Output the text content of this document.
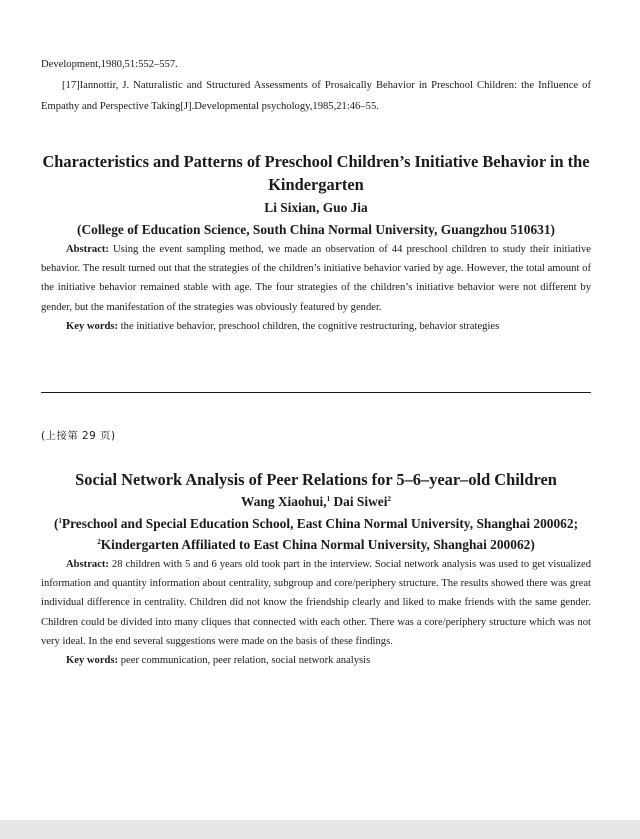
Development,1980,51:552–557.

[17]Iannottir, J. Naturalistic and Structured Assessments of Prosaically Behavior in Preschool Children: the Influence of Empathy and Perspective Taking[J].Developmental psychology,1985,21:46–55.

Characteristics and Patterns of Preschool Children’s Initiative Behavior in the Kindergarten

Li Sixian, Guo Jia

(College of Education Science, South China Normal University, Guangzhou 510631)

Abstract: Using the event sampling method, we made an observation of 44 preschool children to study their initiative behavior. The result turned out that the strategies of the children’s initiative behavior varied by age. However, the total amount of the initiative behavior remained stable with age. The four strategies of the children’s initiative behavior were not different by gender, but the manifestation of the strategies was obviously featured by gender.

Key words: the initiative behavior, preschool children, the cognitive restructuring, behavior strategies

(上接第 29 页)
Social Network Analysis of Peer Relations for 5–6–year–old Children

Wang Xiaohui,$^1$ Dai Siwei$^2$

($^1$Preschool and Special Education School, East China Normal University, Shanghai 200062; $^2$Kindergarten Affiliated to East China Normal University, Shanghai 200062)

Abstract: 28 children with 5 and 6 years old took part in the interview. Social network analysis was used to get visualized information and quantity information about centrality, subgroup and core/periphery structure. The results showed there was great individual difference in centrality. Children did not know the friendship clearly and liked to make friends with the same gender. Children could be divided into many cliques that connected with each other. There was a core/periphery structure which was not very ideal. In the end several suggestions were made on the basis of these findings.

Key words: peer communication, peer relation, social network analysis
